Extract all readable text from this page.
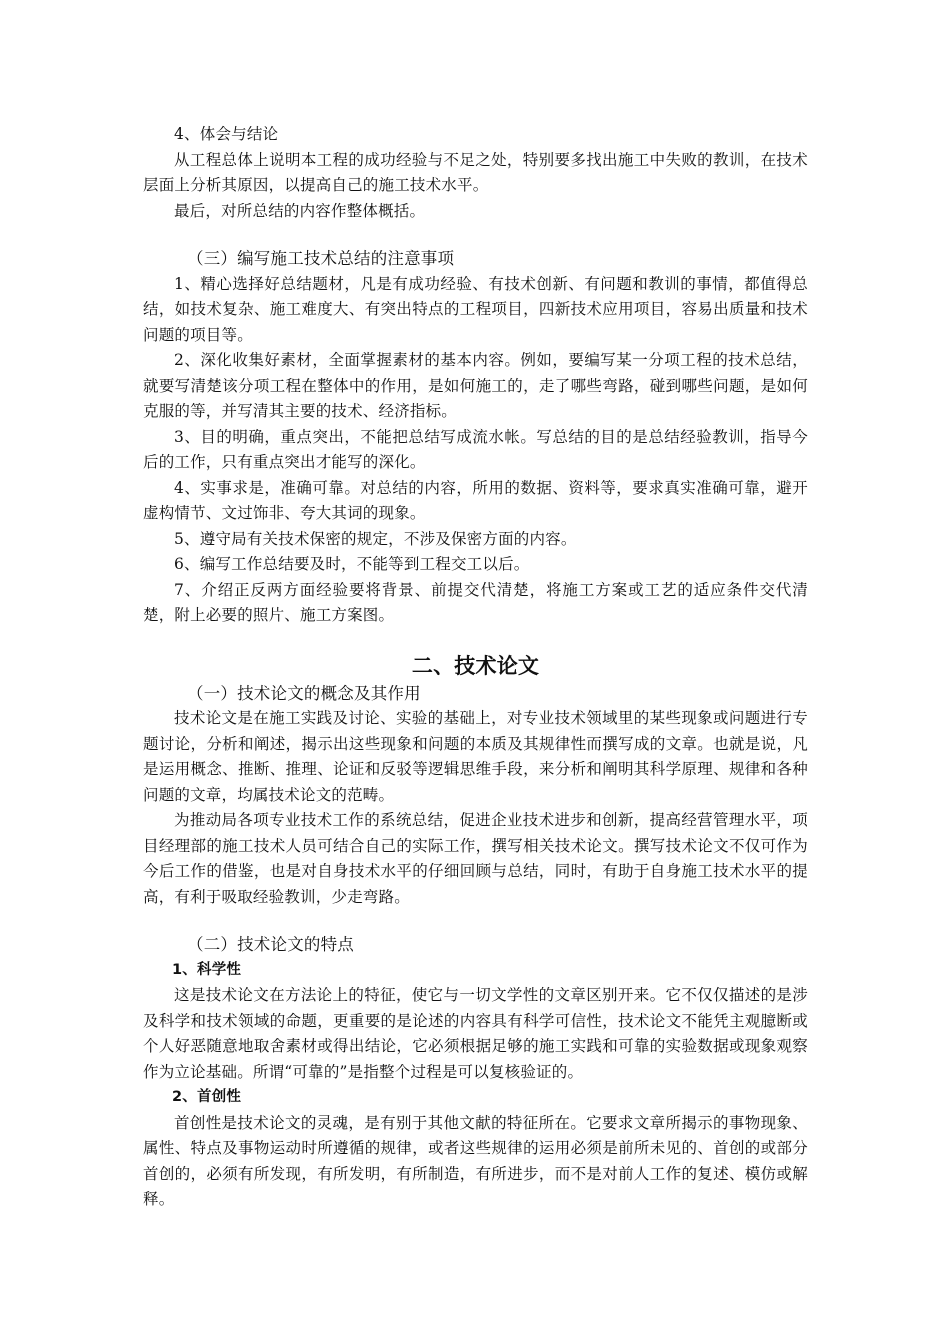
4、体会与结论

从工程总体上说明本工程的成功经验与不足之处，特别要多找出施工中失败的教训，在技术层面上分析其原因，以提高自己的施工技术水平。

最后，对所总结的内容作整体概括。

（三）编写施工技术总结的注意事项

1、精心选择好总结题材，凡是有成功经验、有技术创新、有问题和教训的事情，都值得总结，如技术复杂、施工难度大、有突出特点的工程项目，四新技术应用项目，容易出质量和技术问题的项目等。

2、深化收集好素材，全面掌握素材的基本内容。例如，要编写某一分项工程的技术总结，就要写清楚该分项工程在整体中的作用，是如何施工的，走了哪些弯路，碰到哪些问题，是如何克服的等，并写清其主要的技术、经济指标。

3、目的明确，重点突出，不能把总结写成流水帐。写总结的目的是总结经验教训，指导今后的工作，只有重点突出才能写的深化。

4、实事求是，准确可靠。对总结的内容，所用的数据、资料等，要求真实准确可靠，避开虚构情节、文过饰非、夸大其词的现象。

5、遵守局有关技术保密的规定，不涉及保密方面的内容。

6、编写工作总结要及时，不能等到工程交工以后。

7、介绍正反两方面经验要将背景、前提交代清楚，将施工方案或工艺的适应条件交代清楚，附上必要的照片、施工方案图。

二、技术论文

（一）技术论文的概念及其作用

技术论文是在施工实践及讨论、实验的基础上，对专业技术领域里的某些现象或问题进行专题讨论，分析和阐述，揭示出这些现象和问题的本质及其规律性而撰写成的文章。也就是说，凡是运用概念、推断、推理、论证和反驳等逻辑思维手段，来分析和阐明其科学原理、规律和各种问题的文章，均属技术论文的范畴。

为推动局各项专业技术工作的系统总结，促进企业技术进步和创新，提高经营管理水平，项目经理部的施工技术人员可结合自己的实际工作，撰写相关技术论文。撰写技术论文不仅可作为今后工作的借鉴，也是对自身技术水平的仔细回顾与总结，同时，有助于自身施工技术水平的提高，有利于吸取经验教训，少走弯路。

（二）技术论文的特点

1、科学性

这是技术论文在方法论上的特征，使它与一切文学性的文章区别开来。它不仅仅描述的是涉及科学和技术领域的命题，更重要的是论述的内容具有科学可信性，技术论文不能凭主观臆断或个人好恶随意地取舍素材或得出结论，它必须根据足够的施工实践和可靠的实验数据或现象观察作为立论基础。所谓“可靠的”是指整个过程是可以复核验证的。

2、首创性

首创性是技术论文的灵魂，是有别于其他文献的特征所在。它要求文章所揭示的事物现象、属性、特点及事物运动时所遵循的规律，或者这些规律的运用必须是前所未见的、首创的或部分首创的，必须有所发现，有所发明，有所制造，有所进步，而不是对前人工作的复述、模仿或解释。
